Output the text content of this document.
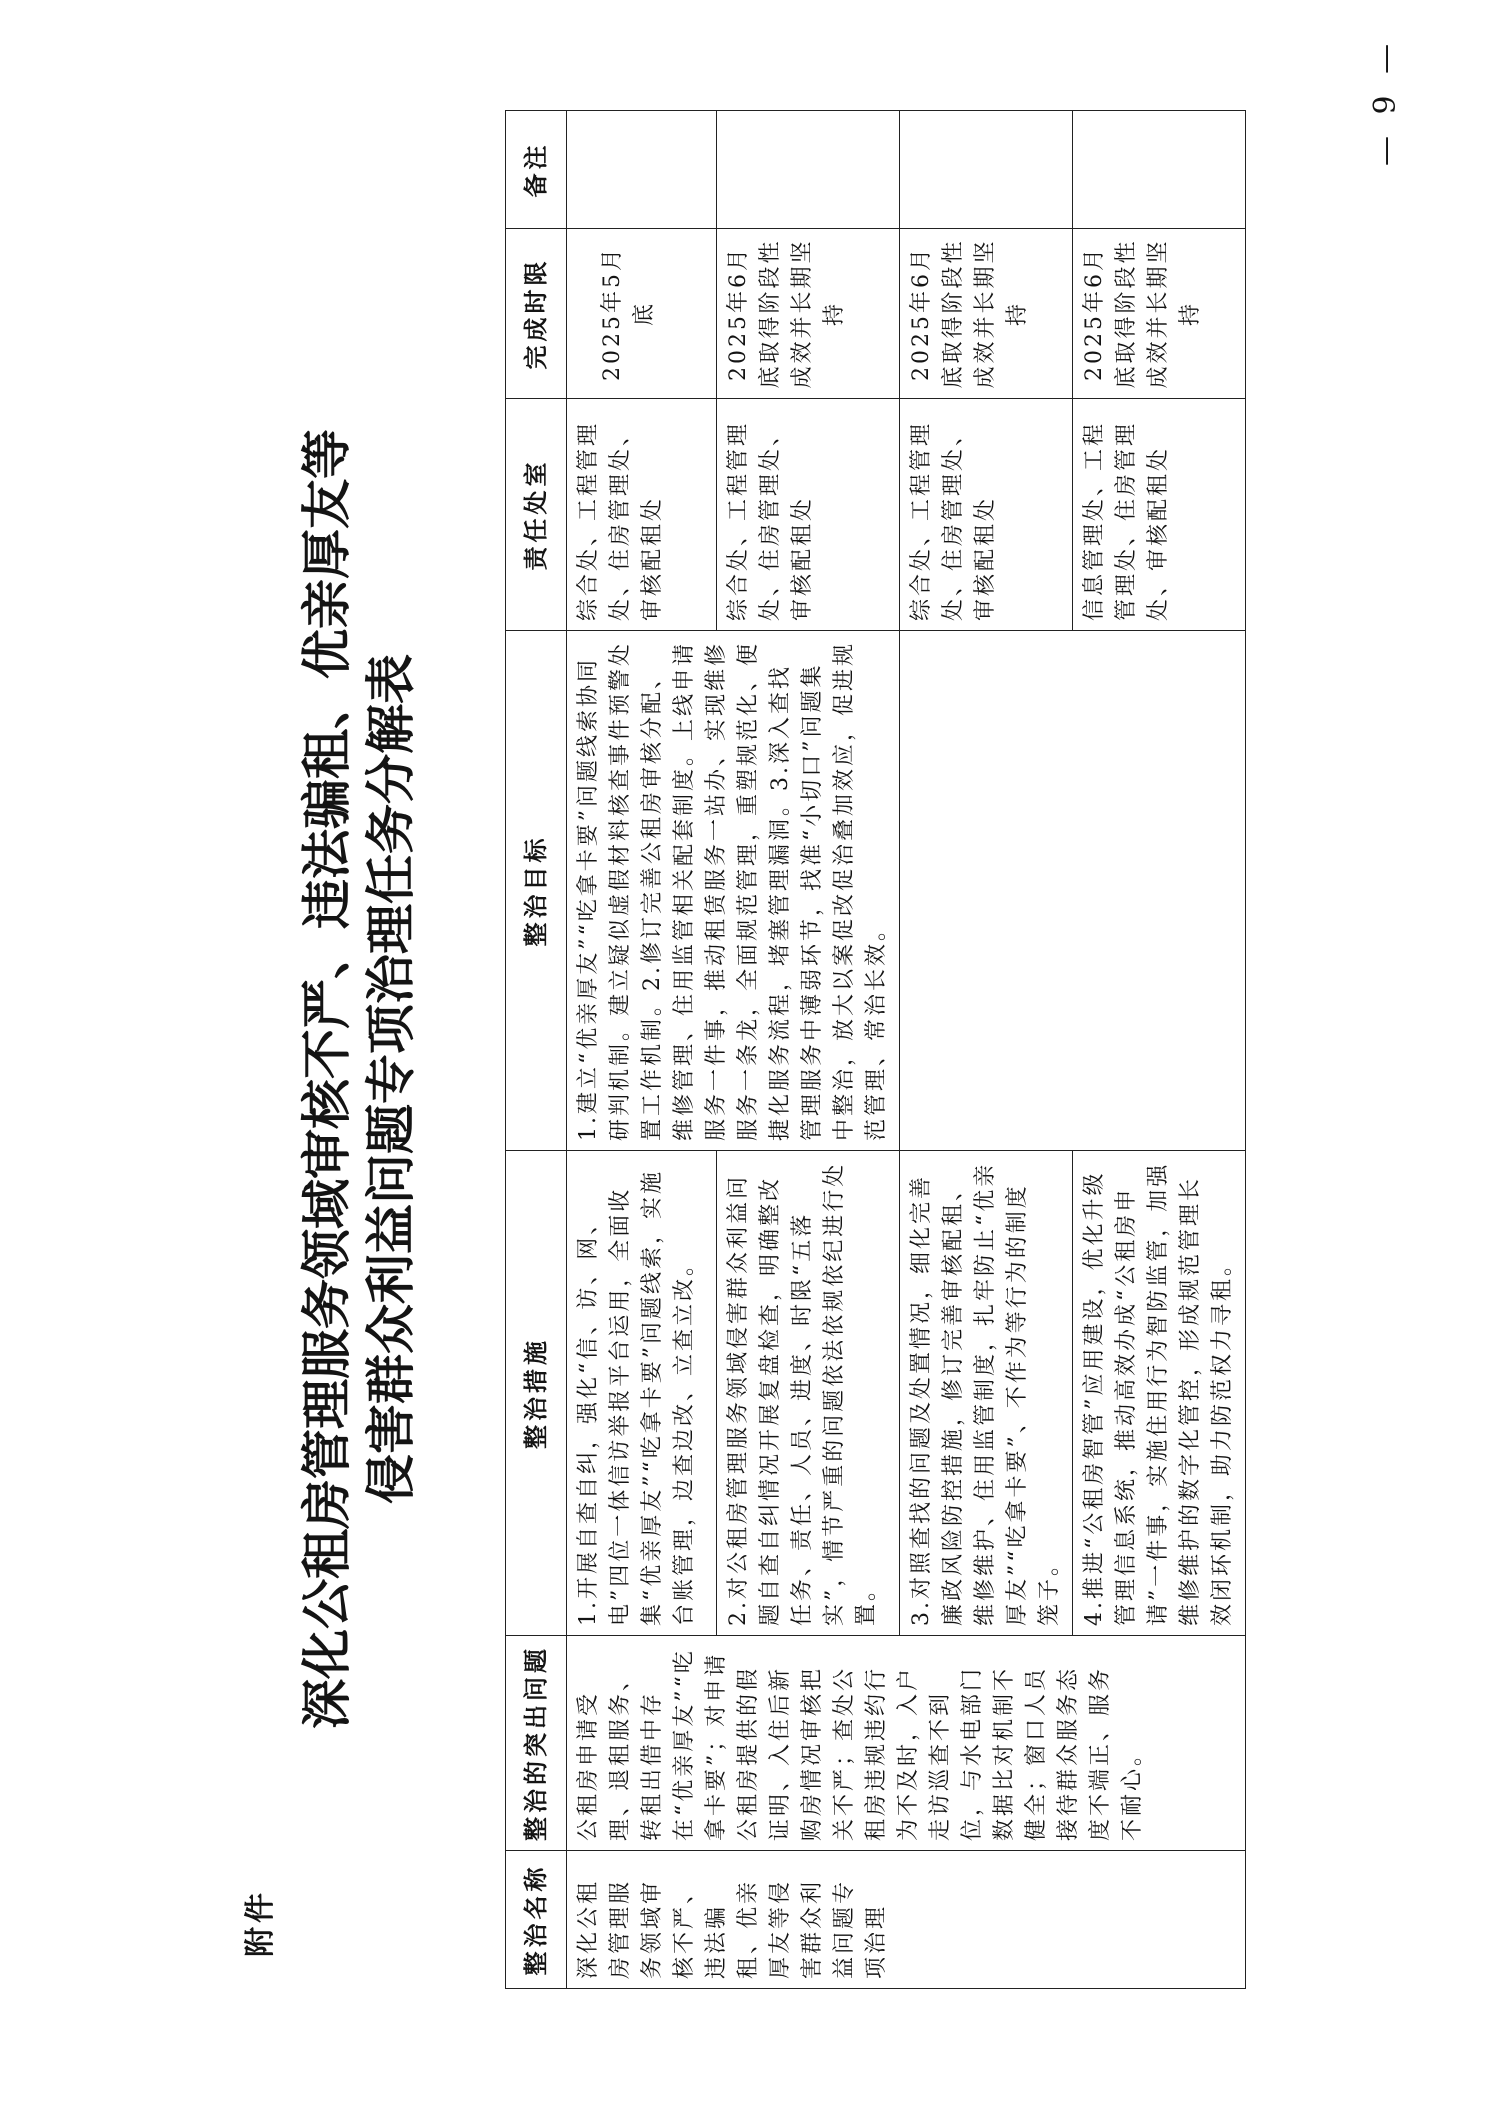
附件
深化公租房管理服务领域审核不严、违法骗租、优亲厚友等 侵害群众利益问题专项治理任务分解表
整治名称	整治的突出问题	整治措施	整治目标	责任处室	完成时限	备注
深化公租房管理服务领域审核不严、违法骗租、优亲厚友等侵害群众利益问题专项治理	公租房申请受理、退租服务、转租出借中存在“优亲厚友”“吃拿卡要”；对申请公租房提供的假证明、入住后新购房情况审核把关不严；查处公租房违规违约行为不及时，入户走访巡查不到位，与水电部门数据比对机制不健全；窗口人员接待群众服务态度不端正、服务不耐心。	1.开展自查自纠，强化“信、访、网、电”四位一体信访举报平台运用，全面收集“优亲厚友”“吃拿卡要”问题线索，实施台账管理，边查边改、立查立改。	1.建立“优亲厚友”“吃拿卡要”问题线索协同研判机制。建立疑似虚假材料核查事件预警处置工作机制。2.修订完善公租房审核分配、维修管理、住用监管相关配套制度。上线申请服务一件事，推动租赁服务一站办、实现维修服务一条龙，全面规范管理，重塑规范化、便捷化服务流程，堵塞管理漏洞。3.深入查找管理服务中薄弱环节，找准“小切口”问题集中整治，放大以案促改促治叠加效应，促进规范管理、常治长效。	综合处、工程管理处、住房管理处、审核配租处	2025年5月底	
		2.对公租房管理服务领域侵害群众利益问题自查自纠情况开展复盘检查，明确整改任务、责任、人员、进度、时限“五落实”，情节严重的问题依法依规依纪进行处置。		综合处、工程管理处、住房管理处、审核配租处	2025年6月底取得阶段性成效并长期坚持	
		3.对照查找的问题及处置情况，细化完善廉政风险防控措施，修订完善审核配租、维修维护、住用监管制度，扎牢防止“优亲厚友”“吃拿卡要”、不作为等行为的制度笼子。		综合处、工程管理处、住房管理处、审核配租处	2025年6月底取得阶段性成效并长期坚持	
		4.推进“公租房智管”应用建设，优化升级管理信息系统，推动高效办成“公租房申请”一件事，实施住用行为智防监管，加强维修维护的数字化管控，形成规范管理长效闭环机制，助力防范权力寻租。		信息管理处、工程管理处、住房管理处、审核配租处	2025年6月底取得阶段性成效并长期坚持	
— 9 —
